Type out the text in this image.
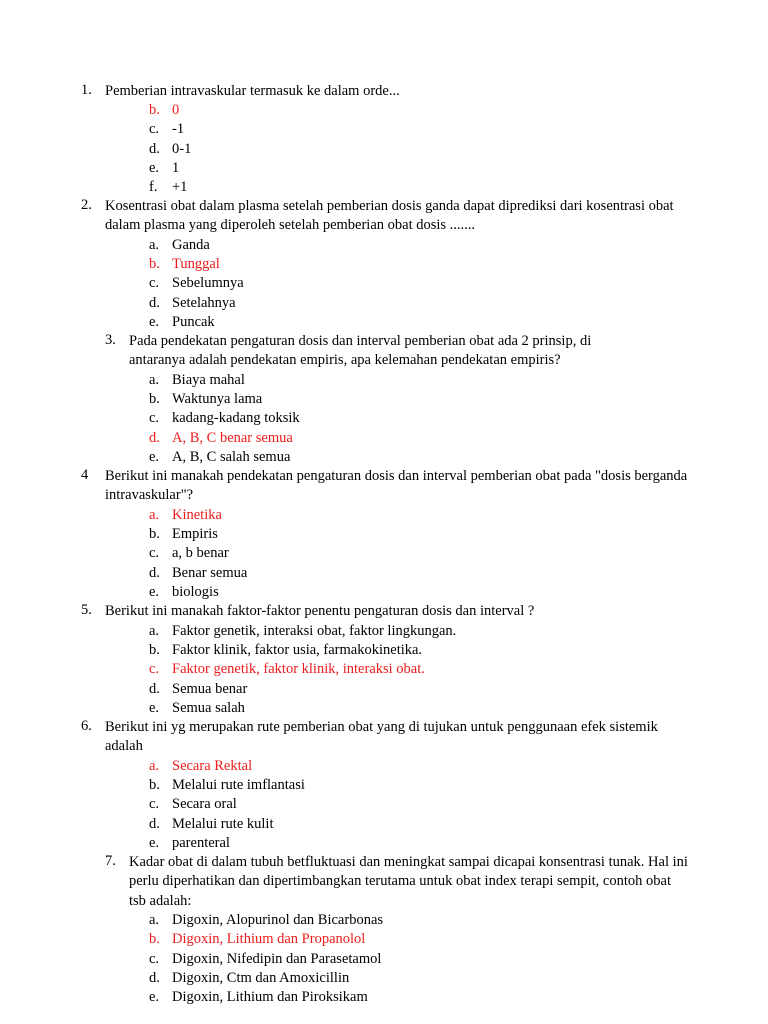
1. Pemberian intravaskular termasuk ke dalam orde...
b. 0
c. -1
d. 0-1
e. 1
f.	+1
2. Kosentrasi obat dalam plasma setelah pemberian dosis ganda dapat diprediksi dari kosentrasi obat dalam plasma yang diperoleh setelah pemberian obat dosis .......
a. Ganda
b. Tunggal
c. Sebelumnya
d. Setelahnya
e. Puncak
3. Pada pendekatan pengaturan dosis dan interval pemberian obat ada 2 prinsip, di antaranya adalah pendekatan empiris, apa kelemahan pendekatan empiris?
a. Biaya mahal
b. Waktunya lama
c. kadang-kadang toksik
d. A, B, C benar semua
e. A, B, C salah semua
4	Berikut ini manakah pendekatan pengaturan dosis dan interval pemberian obat pada "dosis berganda intravaskular"?
a. Kinetika
b. Empiris
c. a, b benar
d. Benar semua
e. biologis
5. Berikut ini manakah faktor-faktor penentu pengaturan dosis dan interval ?
a. Faktor genetik, interaksi obat, faktor lingkungan.
b. Faktor klinik, faktor usia, farmakokinetika.
c. Faktor genetik, faktor klinik, interaksi obat.
d. Semua benar
e. Semua salah
6. Berikut ini yg merupakan rute pemberian obat yang di tujukan untuk penggunaan efek sistemik adalah
a. Secara Rektal
b. Melalui rute imflantasi
c. Secara oral
d. Melalui rute kulit
e. parenteral
7. Kadar obat di dalam tubuh betfluktuasi dan meningkat sampai dicapai konsentrasi tunak. Hal ini perlu diperhatikan dan dipertimbangkan terutama untuk obat index terapi sempit, contoh obat tsb adalah:
a. Digoxin, Alopurinol dan Bicarbonas
b. Digoxin, Lithium dan Propanolol
c. Digoxin, Nifedipin dan Parasetamol
d. Digoxin, Ctm dan Amoxicillin
e. Digoxin, Lithium dan Piroksikam
